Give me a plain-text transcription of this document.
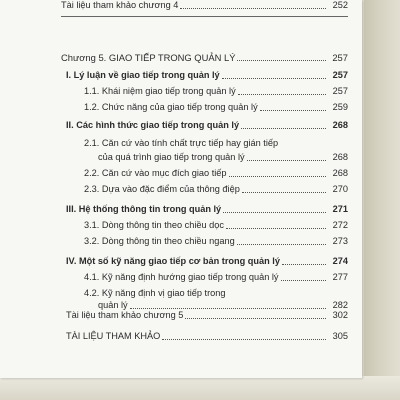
Tài liệu tham khảo chương 4	252
Chương 5. GIAO TIẾP TRONG QUẢN LÝ	257
I. Lý luận về giao tiếp trong quản lý	257
1.1. Khái niệm giao tiếp trong quản lý	257
1.2. Chức năng của giao tiếp trong quản lý	259
II. Các hình thức giao tiếp trong quản lý	268
2.1. Căn cứ vào tính chất trực tiếp hay gián tiếp
của quá trình giao tiếp trong quản lý	268
2.2. Căn cứ vào mục đích giao tiếp	268
2.3. Dựa vào đặc điểm của thông điệp	270
III. Hệ thống thông tin trong quản lý	271
3.1. Dòng thông tin theo chiều dọc	272
3.2. Dòng thông tin theo chiều ngang	273
IV. Một số kỹ năng giao tiếp cơ bản trong quản lý	274
4.1. Kỹ năng định hướng giao tiếp trong quản lý	277
4.2. Kỹ năng định vị giao tiếp trong
quản lý	282
Tài liệu tham khảo chương 5	302
TÀI LIỆU THAM KHẢO	305
